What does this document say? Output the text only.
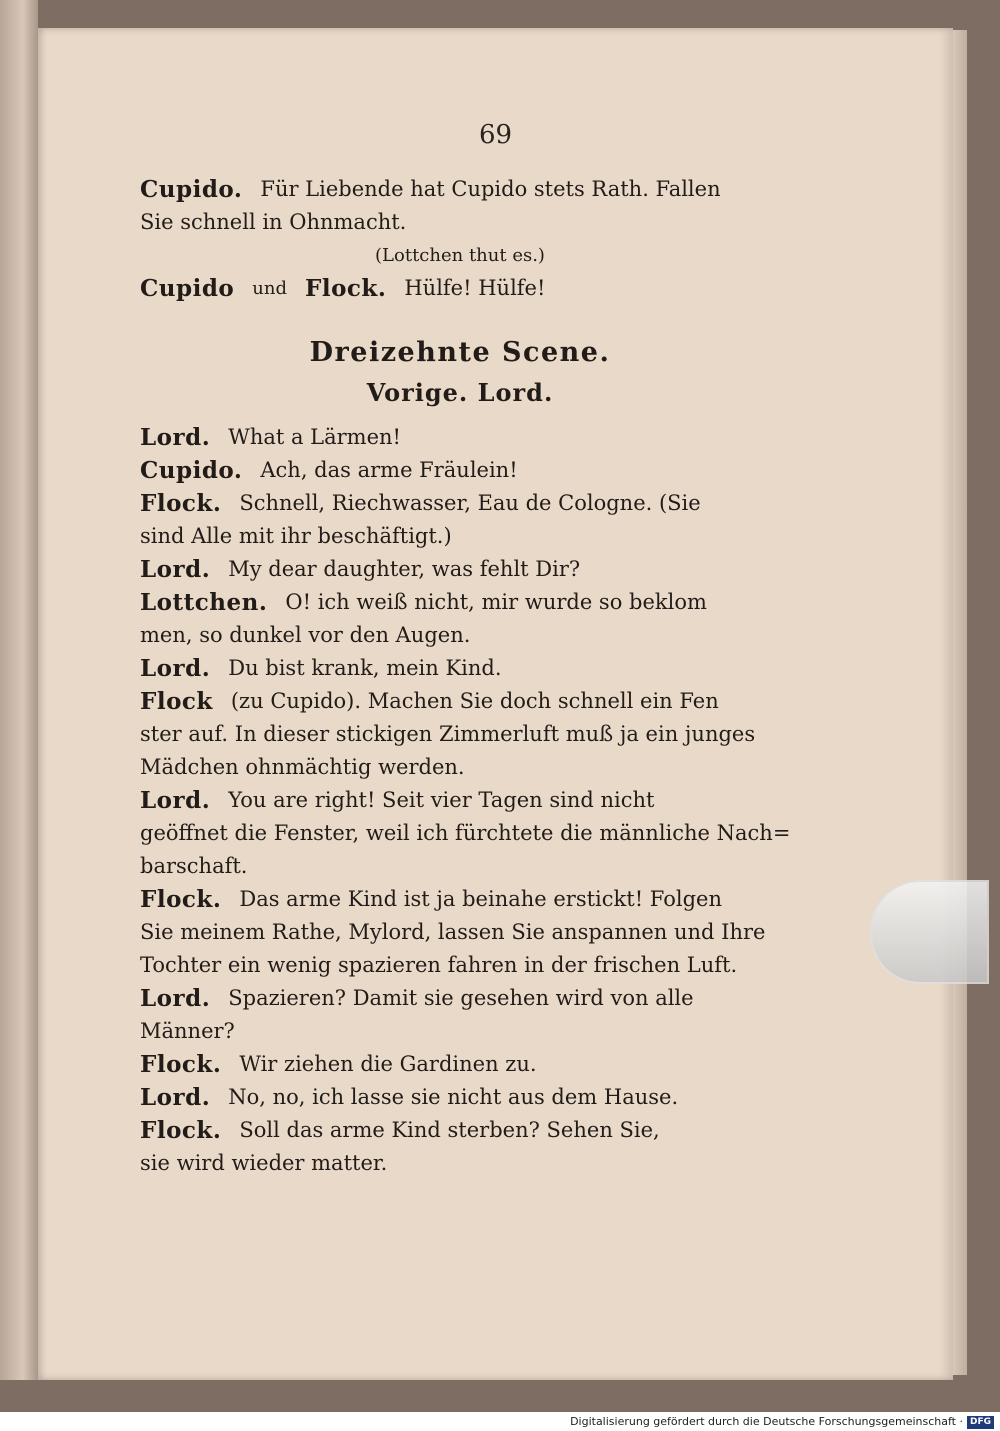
69
Cupido. Für Liebende hat Cupido stets Rath. Fallen
Sie schnell in Ohnmacht.
(Lottchen thut es.)
Cupido und Flock. Hülfe! Hülfe!
Dreizehnte Scene.
Vorige. Lord.
Lord. What a Lärmen!
Cupido. Ach, das arme Fräulein!
Flock. Schnell, Riechwasser, Eau de Cologne. (Sie
sind Alle mit ihr beschäftigt.)
Lord. My dear daughter, was fehlt Dir?
Lottchen. O! ich weiß nicht, mir wurde so beklom
men, so dunkel vor den Augen.
Lord. Du bist krank, mein Kind.
Flock (zu Cupido). Machen Sie doch schnell ein Fen
ster auf. In dieser stickigen Zimmerluft muß ja ein junges
Mädchen ohnmächtig werden.
Lord. You are right! Seit vier Tagen sind nicht
geöffnet die Fenster, weil ich fürchtete die männliche Nach=
barschaft.
Flock. Das arme Kind ist ja beinahe erstickt! Folgen
Sie meinem Rathe, Mylord, lassen Sie anspannen und Ihre
Tochter ein wenig spazieren fahren in der frischen Luft.
Lord. Spazieren? Damit sie gesehen wird von alle
Männer?
Flock. Wir ziehen die Gardinen zu.
Lord. No, no, ich lasse sie nicht aus dem Hause.
Flock. Soll das arme Kind sterben? Sehen Sie,
sie wird wieder matter.
Digitalisierung gefördert durch die Deutsche Forschungsgemeinschaft · DFG
